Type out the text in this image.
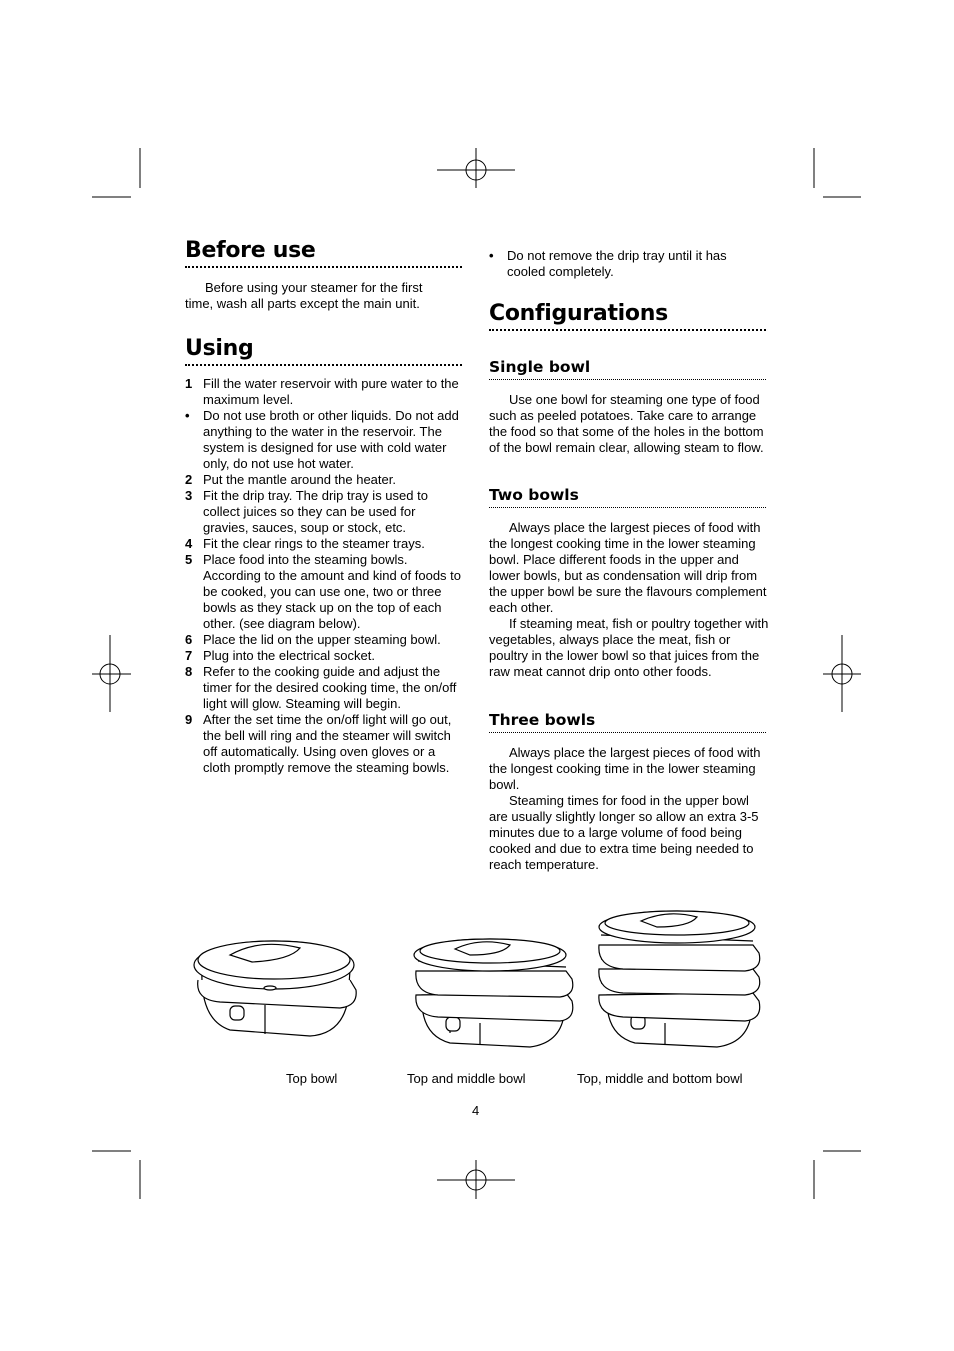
Before use

Before using your steamer for the first time, wash all parts except the main unit.

Using
1 Fill the water reservoir with pure water to the maximum level.
• Do not use broth or other liquids. Do not add anything to the water in the reservoir. The system is designed for use with cold water only, do not use hot water.
2 Put the mantle around the heater.
3 Fit the drip tray. The drip tray is used to collect juices so they can be used for gravies, sauces, soup or stock, etc.
4 Fit the clear rings to the steamer trays.
5 Place food into the steaming bowls. According to the amount and kind of foods to be cooked, you can use one, two or three bowls as they stack up on the top of each other. (see diagram below).
6 Place the lid on the upper steaming bowl.
7 Plug into the electrical socket.
8 Refer to the cooking guide and adjust the timer for the desired cooking time, the on/off light will glow. Steaming will begin.
9 After the set time the on/off light will go out, the bell will ring and the steamer will switch off automatically. Using oven gloves or a cloth promptly remove the steaming bowls.
• Do not remove the drip tray until it has cooled completely.
Configurations
Single bowl

Use one bowl for steaming one type of food such as peeled potatoes. Take care to arrange the food so that some of the holes in the bottom of the bowl remain clear, allowing steam to flow.

Two bowls

Always place the largest pieces of food with the longest cooking time in the lower steaming bowl. Place different foods in the upper and lower bowls, but as condensation will drip from the upper bowl be sure the flavours complement each other.

If steaming meat, fish or poultry together with vegetables, always place the meat, fish or poultry in the lower bowl so that juices from the raw meat cannot drip onto other foods.

Three bowls

Always place the largest pieces of food with the longest cooking time in the lower steaming bowl.

Steaming times for food in the upper bowl are usually slightly longer so allow an extra 3-5 minutes due to a large volume of food being cooked and due to extra time being needed to reach temperature.

Top bowl	Top and middle bowl	Top, middle and bottom bowl
4
